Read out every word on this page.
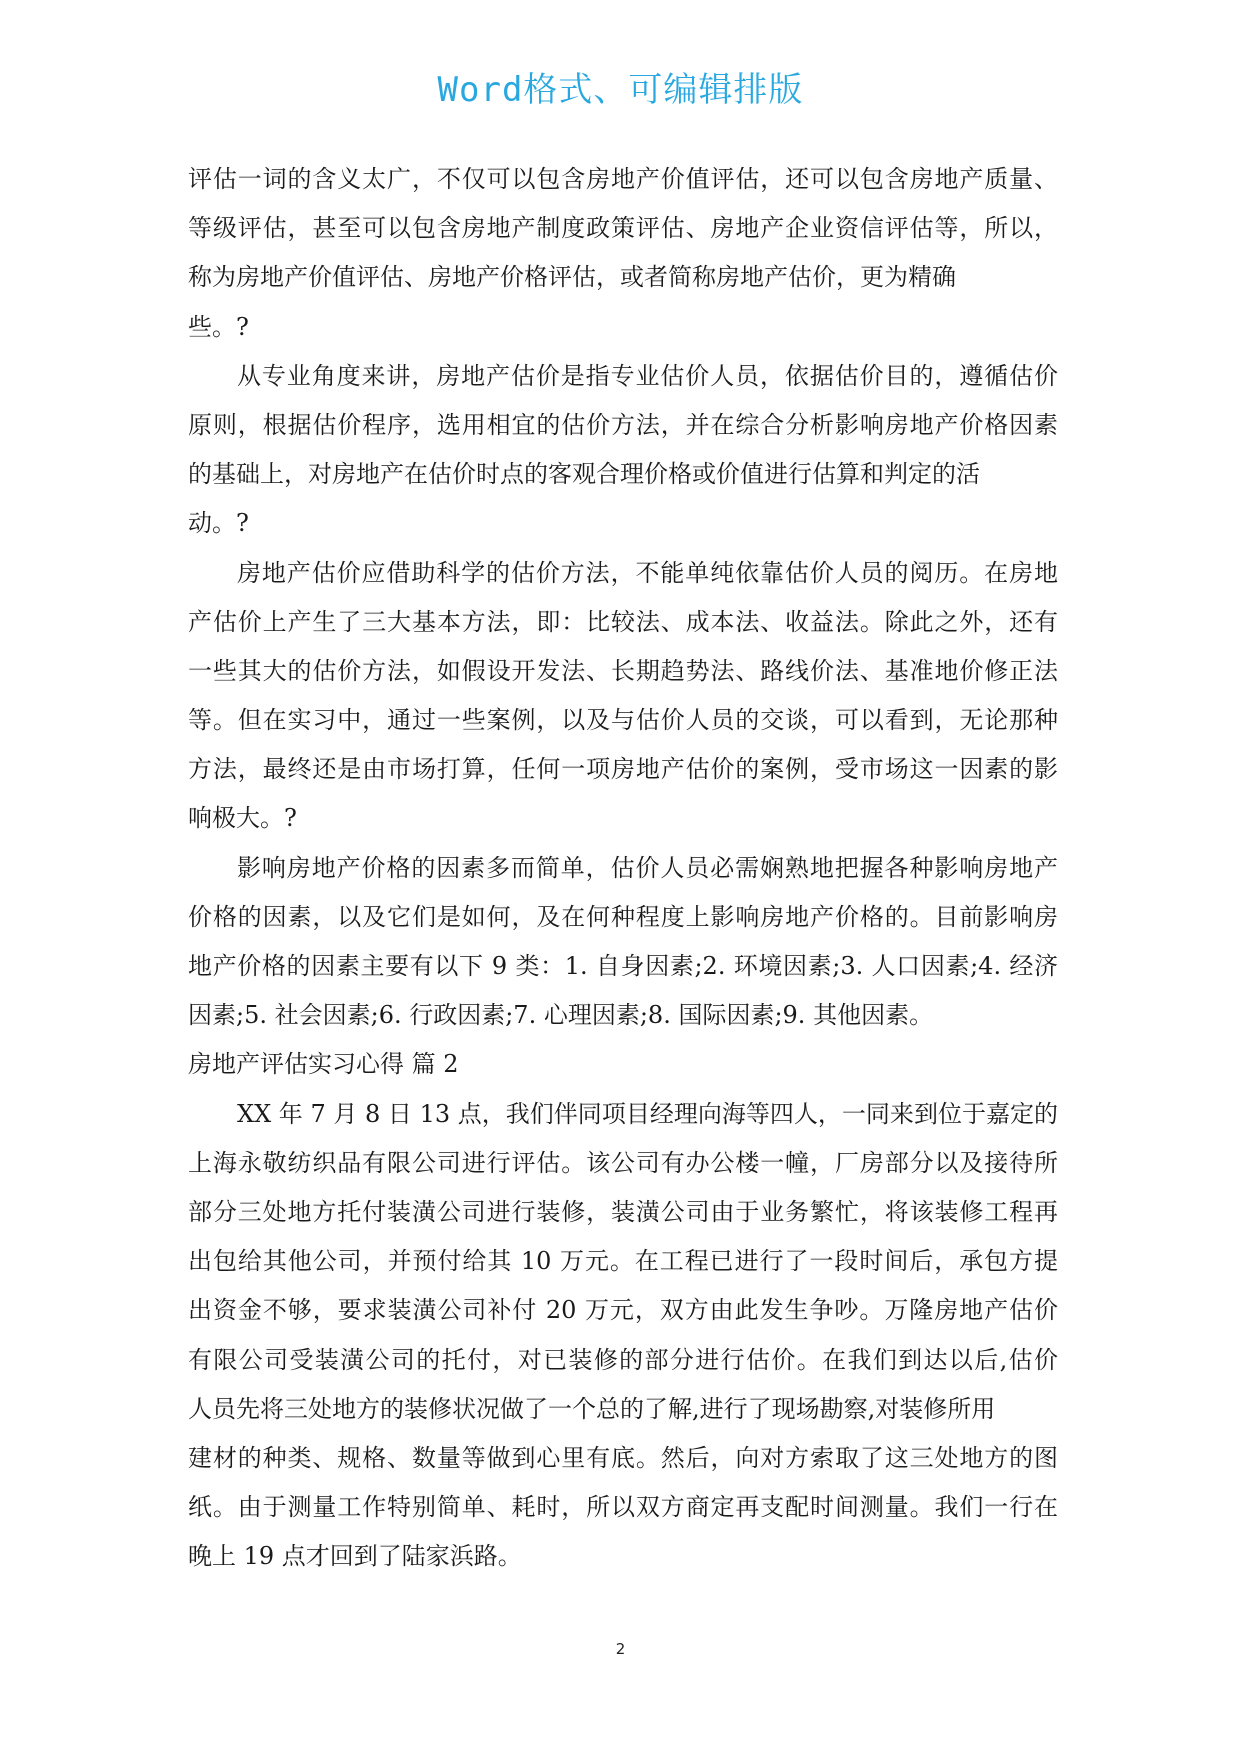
Word格式、可编辑排版
评估一词的含义太广，不仅可以包含房地产价值评估，还可以包含房地产质量、
等级评估，甚至可以包含房地产制度政策评估、房地产企业资信评估等，所以，
称为房地产价值评估、房地产价格评估，或者简称房地产估价，更为精确
些。?
从专业角度来讲，房地产估价是指专业估价人员，依据估价目的，遵循估价
原则，根据估价程序，选用相宜的估价方法，并在综合分析影响房地产价格因素
的基础上，对房地产在估价时点的客观合理价格或价值进行估算和判定的活
动。?
房地产估价应借助科学的估价方法，不能单纯依靠估价人员的阅历。在房地
产估价上产生了三大基本方法，即：比较法、成本法、收益法。除此之外，还有
一些其大的估价方法，如假设开发法、长期趋势法、路线价法、基准地价修正法
等。但在实习中，通过一些案例，以及与估价人员的交谈，可以看到，无论那种
方法，最终还是由市场打算，任何一项房地产估价的案例，受市场这一因素的影
响极大。?
影响房地产价格的因素多而简单，估价人员必需娴熟地把握各种影响房地产
价格的因素，以及它们是如何，及在何种程度上影响房地产价格的。目前影响房
地产价格的因素主要有以下 9 类：1. 自身因素;2. 环境因素;3. 人口因素;4. 经济
因素;5. 社会因素;6. 行政因素;7. 心理因素;8. 国际因素;9. 其他因素。
房地产评估实习心得 篇 2
XX 年 7 月 8 日 13 点，我们伴同项目经理向海等四人，一同来到位于嘉定的
上海永敬纺织品有限公司进行评估。该公司有办公楼一幢，厂房部分以及接待所
部分三处地方托付装潢公司进行装修，装潢公司由于业务繁忙，将该装修工程再
出包给其他公司，并预付给其 10 万元。在工程已进行了一段时间后，承包方提
出资金不够，要求装潢公司补付 20 万元，双方由此发生争吵。万隆房地产估价
有限公司受装潢公司的托付，对已装修的部分进行估价。在我们到达以后,估价
人员先将三处地方的装修状况做了一个总的了解,进行了现场勘察,对装修所用
建材的种类、规格、数量等做到心里有底。然后，向对方索取了这三处地方的图
纸。由于测量工作特别简单、耗时，所以双方商定再支配时间测量。我们一行在
晚上 19 点才回到了陆家浜路。
2
